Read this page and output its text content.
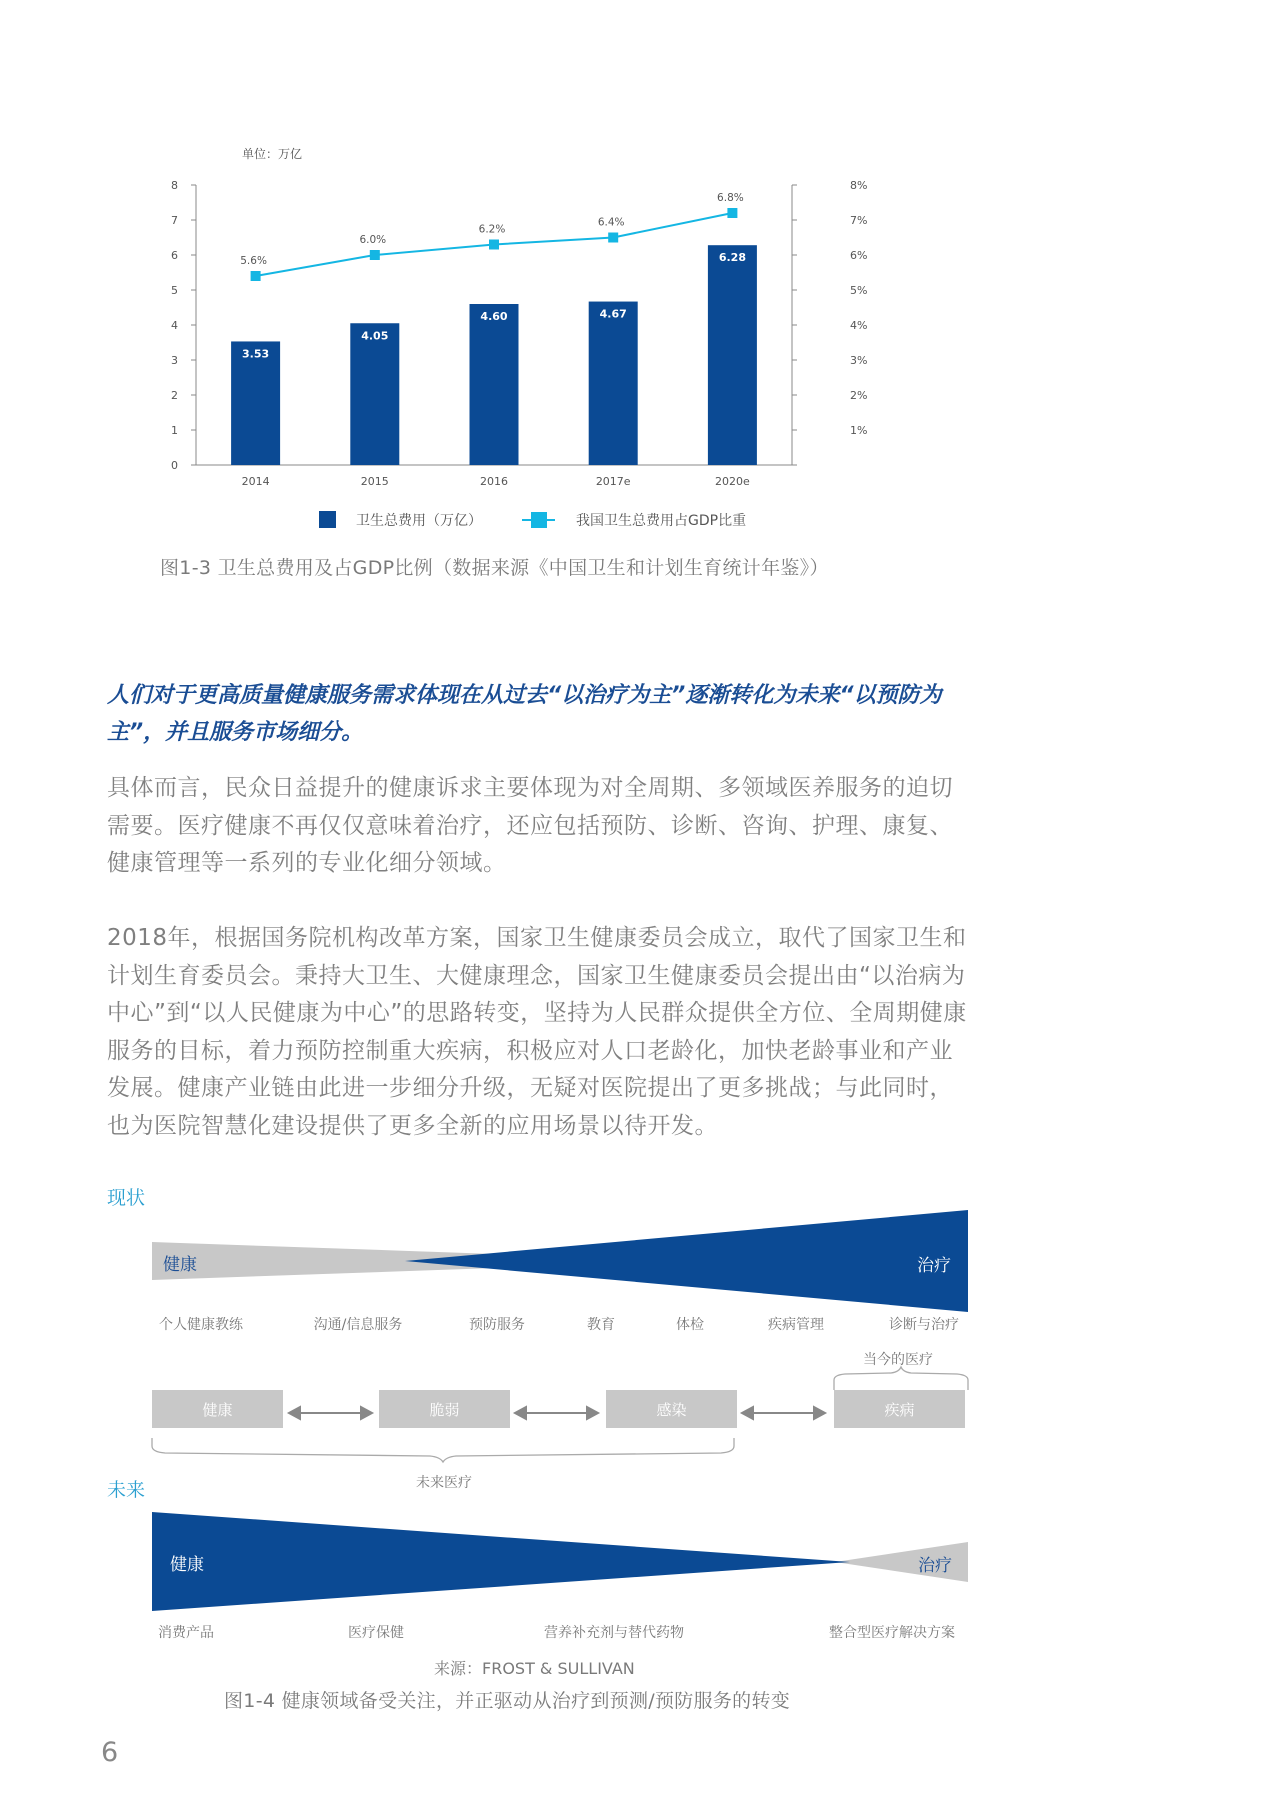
单位：万亿
0
1
2
3
4
5
6
7
8
1%
2%
3%
4%
5%
6%
7%
8%
3.53
2014
4.05
2015
4.60
2016
4.67
2017e
6.28
2020e
5.6%
6.0%
6.2%
6.4%
6.8%
卫生总费用（万亿）	我国卫生总费用占GDP比重
图1-3 卫生总费用及占GDP比例（数据来源《中国卫生和计划生育统计年鉴》）
人们对于更高质量健康服务需求体现在从过去“以治疗为主”逐渐转化为未来“以预防为主”，并且服务市场细分。
具体而言，民众日益提升的健康诉求主要体现为对全周期、多领域医养服务的迫切需要。医疗健康不再仅仅意味着治疗，还应包括预防、诊断、咨询、护理、康复、健康管理等一系列的专业化细分领域。
2018年，根据国务院机构改革方案，国家卫生健康委员会成立，取代了国家卫生和计划生育委员会。秉持大卫生、大健康理念，国家卫生健康委员会提出由“以治病为中心”到“以人民健康为中心”的思路转变，坚持为人民群众提供全方位、全周期健康服务的目标，着力预防控制重大疾病，积极应对人口老龄化，加快老龄事业和产业发展。健康产业链由此进一步细分升级，无疑对医院提出了更多挑战；与此同时，也为医院智慧化建设提供了更多全新的应用场景以待开发。
现状
健康	治疗
个人健康教练	沟通/信息服务	预防服务	教育	体检	疾病管理	诊断与治疗
当今的医疗
健康	脆弱	感染	疾病
未来医疗
未来
健康	治疗
消费产品	医疗保健	营养补充剂与替代药物	整合型医疗解决方案
来源：FROST & SULLIVAN
图1-4 健康领域备受关注，并正驱动从治疗到预测/预防服务的转变
6
